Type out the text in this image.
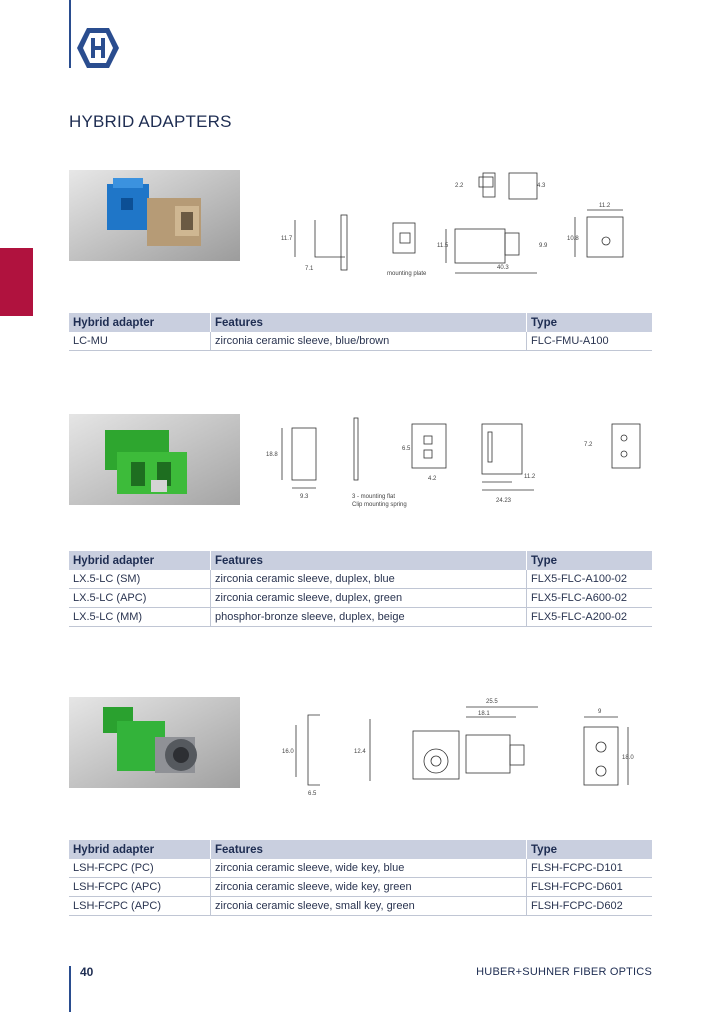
HYBRID ADAPTERS
11.7
7.1
mounting plate
2.2	4.3
11.5
40.3
9.9
10.8
11.2
Hybrid adapter	Features	Type
LC-MU	zirconia ceramic sleeve, blue/brown	FLC-FMU-A100
18.8
9.3
24.23
11.2
6.5
4.2
7.2
3 - mounting flat
Clip mounting spring
Hybrid adapter	Features	Type
LX.5-LC (SM)	zirconia ceramic sleeve, duplex, blue	FLX5-FLC-A100-02
LX.5-LC (APC)	zirconia ceramic sleeve, duplex, green	FLX5-FLC-A600-02
LX.5-LC (MM)	phosphor-bronze sleeve, duplex, beige	FLX5-FLC-A200-02
25.5
18.1
16.0
6.5
9
18.0
12.4
Hybrid adapter	Features	Type
LSH-FCPC (PC)	zirconia ceramic sleeve, wide key, blue	FLSH-FCPC-D101
LSH-FCPC (APC)	zirconia ceramic sleeve, wide key, green	FLSH-FCPC-D601
LSH-FCPC (APC)	zirconia ceramic sleeve, small key, green	FLSH-FCPC-D602
40	HUBER+SUHNER FIBER OPTICS
